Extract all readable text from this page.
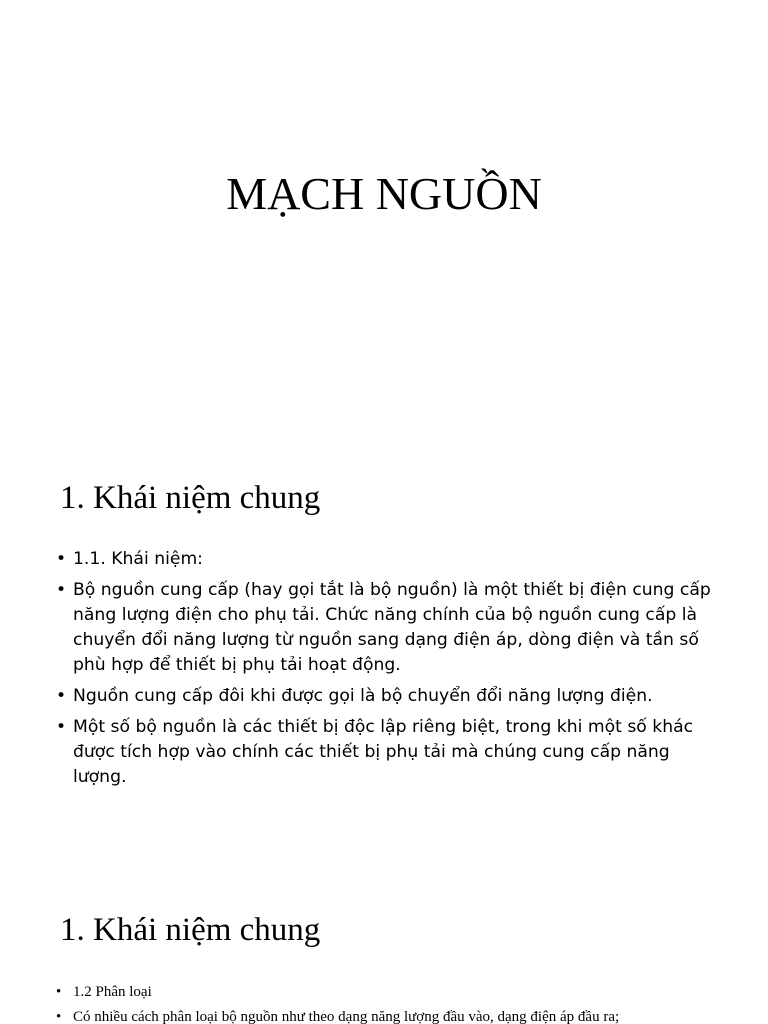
MẠCH NGUỒN
1. Khái niệm chung
• 1.1. Khái niệm:
• Bộ nguồn cung cấp (hay gọi tắt là bộ nguồn) là một thiết bị điện cung cấp năng lượng điện cho phụ tải. Chức năng chính của bộ nguồn cung cấp là chuyển đổi năng lượng từ nguồn sang dạng điện áp, dòng điện và tần số phù hợp để thiết bị phụ tải hoạt động.
• Nguồn cung cấp đôi khi được gọi là bộ chuyển đổi năng lượng điện.
• Một số bộ nguồn là các thiết bị độc lập riêng biệt, trong khi một số khác được tích hợp vào chính các thiết bị phụ tải mà chúng cung cấp năng lượng.
1. Khái niệm chung
• 1.2 Phân loại
• Có nhiều cách phân loại bộ nguồn như theo dạng năng lượng đầu vào, dạng điện áp đầu ra;
